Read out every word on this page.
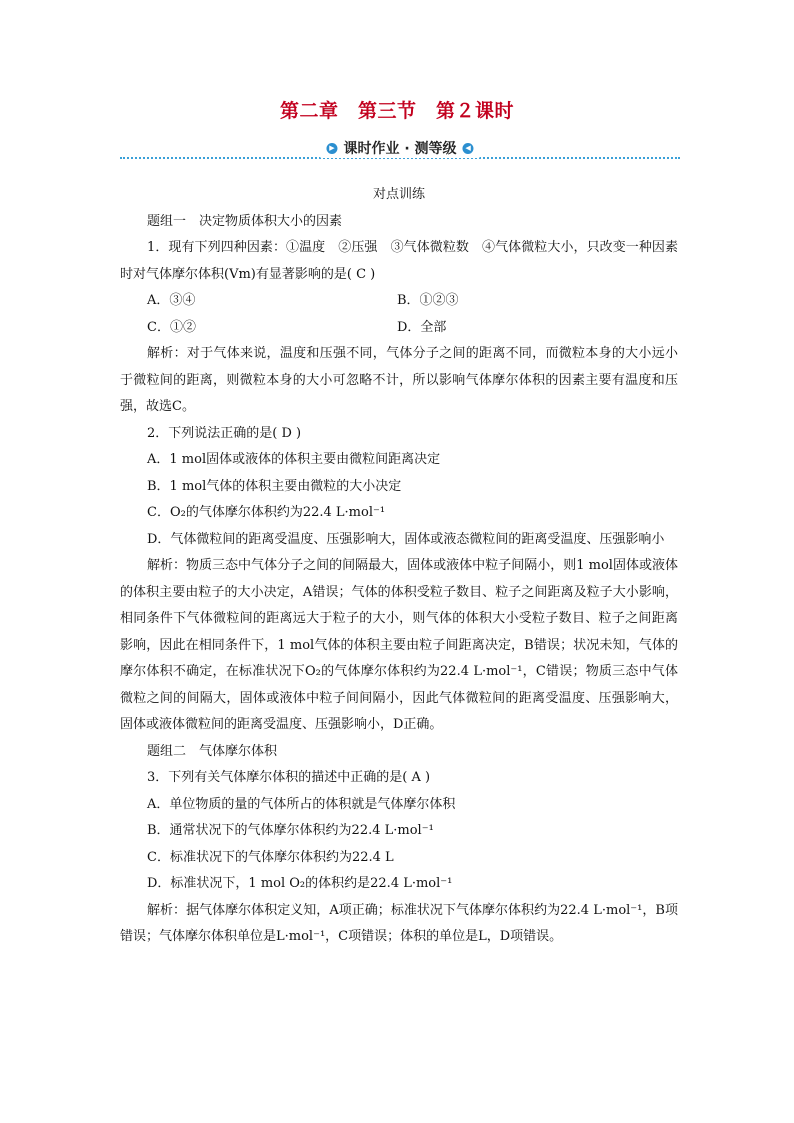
第二章　第三节　第２课时
▶ 课时作业 · 测等级	◀

对点训练

题组一　决定物质体积大小的因素

1．现有下列四种因素：①温度　②压强　③气体微粒数　④气体微粒大小，只改变一种因素时对气体摩尔体积(Vm)有显著影响的是( C )

A．③④	B．①②③
C．①②	D．全部

解析：对于气体来说，温度和压强不同，气体分子之间的距离不同，而微粒本身的大小远小于微粒间的距离，则微粒本身的大小可忽略不计，所以影响气体摩尔体积的因素主要有温度和压强，故选C。

2．下列说法正确的是( D )

A．1 mol固体或液体的体积主要由微粒间距离决定

B．1 mol气体的体积主要由微粒的大小决定

C．O₂的气体摩尔体积约为22.4 L·mol⁻¹

D．气体微粒间的距离受温度、压强影响大，固体或液态微粒间的距离受温度、压强影响小

解析：物质三态中气体分子之间的间隔最大，固体或液体中粒子间隔小，则1 mol固体或液体的体积主要由粒子的大小决定，A错误；气体的体积受粒子数目、粒子之间距离及粒子大小影响，相同条件下气体微粒间的距离远大于粒子的大小，则气体的体积大小受粒子数目、粒子之间距离影响，因此在相同条件下，1 mol气体的体积主要由粒子间距离决定，B错误；状况未知，气体的摩尔体积不确定，在标准状况下O₂的气体摩尔体积约为22.4 L·mol⁻¹，C错误；物质三态中气体微粒之间的间隔大，固体或液体中粒子间间隔小，因此气体微粒间的距离受温度、压强影响大，固体或液体微粒间的距离受温度、压强影响小，D正确。

题组二　气体摩尔体积

3．下列有关气体摩尔体积的描述中正确的是( A )

A．单位物质的量的气体所占的体积就是气体摩尔体积

B．通常状况下的气体摩尔体积约为22.4 L·mol⁻¹

C．标准状况下的气体摩尔体积约为22.4 L

D．标准状况下，1 mol O₂的体积约是22.4 L·mol⁻¹

解析：据气体摩尔体积定义知，A项正确；标准状况下气体摩尔体积约为22.4 L·mol⁻¹，B项错误；气体摩尔体积单位是L·mol⁻¹，C项错误；体积的单位是L，D项错误。
